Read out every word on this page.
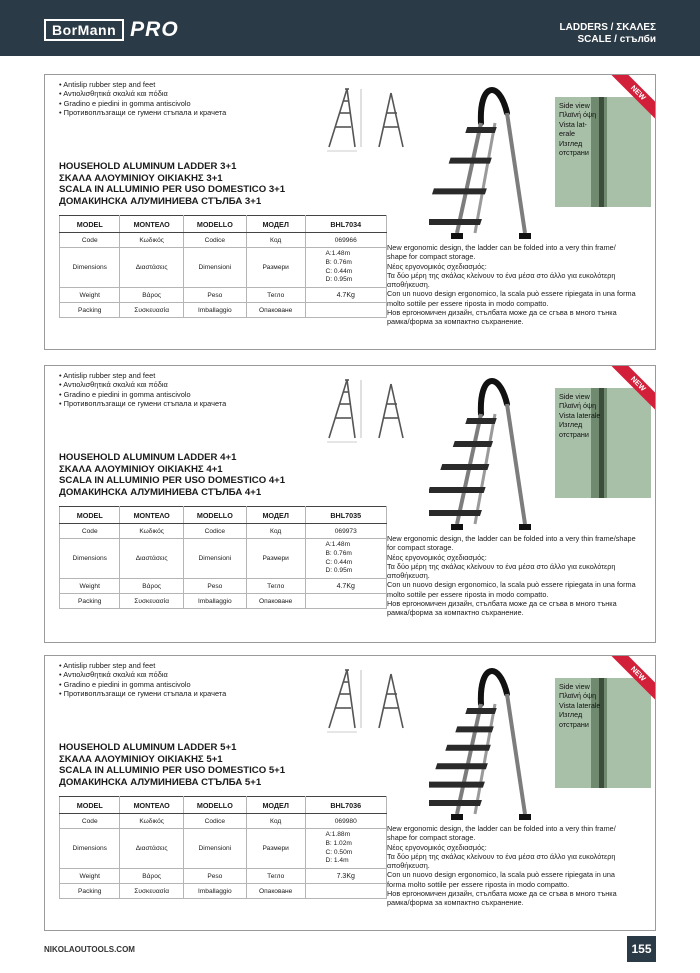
BorMann PRO	LADDERS / ΣΚΑΛΕΣ
SCALE / стълби
• Antislip rubber step and feet
• Αντιολισθητικά σκαλιά και πόδια
• Gradino e piedini in gomma antiscivolo
• Противоплъзгащи се гумени стъпала и крачета
HOUSEHOLD ALUMINUM LADDER 3+1
ΣΚΑΛΑ ΑΛΟΥΜΙΝΙΟΥ ΟΙΚΙΑΚΗΣ 3+1
SCALA IN ALLUMINIO PER USO DOMESTICO 3+1
ДОМАКИНСКА АЛУМИНИЕВА СТЪЛБА 3+1
MODEL	ΜΟΝΤΕΛΟ	MODELLO	МОДЕЛ	BHL7034
Code	Κωδικός	Codice	Код	069966
Dimensions	Διαστάσεις	Dimensioni	Размери	A:1.48m
B: 0.76m
C: 0.44m
D: 0.95m

Weight	Βάρος	Peso	Тегло	4.7Kg
Packing	Συσκευασία	Imballaggio	Опаковане	
Side view
Πλαϊνή όψη
Vista lat-
erale
Изглед
отстрани
New ergonomic design, the ladder can be folded into a very thin frame/
shape for compact storage.
Νέος εργονομικός σχεδιασμός:
Τα δύο μέρη της σκάλας κλείνουν το ένα μέσα στο άλλο για ευκολότερη
αποθήκευση.
Con un nuovo design ergonomico, la scala può essere ripiegata in una forma
molto sottile per essere riposta in modo compatto.
Нов ергономичен дизайн, стълбата може да се сгъва в много тънка
рамка/форма за компактно съхранение.
NEW
• Antislip rubber step and feet
• Αντιολισθητικά σκαλιά και πόδια
• Gradino e piedini in gomma antiscivolo
• Противоплъзгащи се гумени стъпала и крачета
HOUSEHOLD ALUMINUM LADDER 4+1
ΣΚΑΛΑ ΑΛΟΥΜΙΝΙΟΥ ΟΙΚΙΑΚΗΣ 4+1
SCALA IN ALLUMINIO PER USO DOMESTICO 4+1
ДОМАКИНСКА АЛУМИНИЕВА СТЪЛБА 4+1
MODEL	ΜΟΝΤΕΛΟ	MODELLO	МОДЕЛ	BHL7035
Code	Κωδικός	Codice	Код	069973
Dimensions	Διαστάσεις	Dimensioni	Размери	A:1.48m
B: 0.76m
C: 0.44m
D: 0.95m

Weight	Βάρος	Peso	Тегло	4.7Kg
Packing	Συσκευασία	Imballaggio	Опаковане	
Side view
Πλαϊνή όψη
Vista laterale
Изглед
отстрани
New ergonomic design, the ladder can be folded into a very thin frame/shape
for compact storage.
Νέος εργονομικός σχεδιασμός:
Τα δύο μέρη της σκάλας κλείνουν το ένα μέσα στο άλλο για ευκολότερη
αποθήκευση.
Con un nuovo design ergonomico, la scala può essere ripiegata in una forma
molto sottile per essere riposta in modo compatto.
Нов ергономичен дизайн, стълбата може да се сгъва в много тънка
рамка/форма за компактно съхранение.
NEW
• Antislip rubber step and feet
• Αντιολισθητικά σκαλιά και πόδια
• Gradino e piedini in gomma antiscivolo
• Противоплъзгащи се гумени стъпала и крачета
HOUSEHOLD ALUMINUM LADDER 5+1
ΣΚΑΛΑ ΑΛΟΥΜΙΝΙΟΥ ΟΙΚΙΑΚΗΣ 5+1
SCALA IN ALLUMINIO PER USO DOMESTICO 5+1
ДОМАКИНСКА АЛУМИНИЕВА СТЪЛБА 5+1
MODEL	ΜΟΝΤΕΛΟ	MODELLO	МОДЕЛ	BHL7036
Code	Κωδικός	Codice	Код	069980
Dimensions	Διαστάσεις	Dimensioni	Размери	A:1.88m
B: 1.02m
C: 0.50m
D: 1.4m

Weight	Βάρος	Peso	Тегло	7.3Kg
Packing	Συσκευασία	Imballaggio	Опаковане	
Side view
Πλαϊνή όψη
Vista laterale
Изглед
отстрани
New ergonomic design, the ladder can be folded into a very thin frame/
shape for compact storage.
Νέος εργονομικός σχεδιασμός:
Τα δύο μέρη της σκάλας κλείνουν το ένα μέσα στο άλλο για ευκολότερη
αποθήκευση.
Con un nuovo design ergonomico, la scala può essere ripiegata in una
forma molto sottile per essere riposta in modo compatto.
Нов ергономичен дизайн, стълбата може да се сгъва в много тънка
рамка/форма за компактно съхранение.
NEW
NIKOLAOUTOOLS.COM	155
